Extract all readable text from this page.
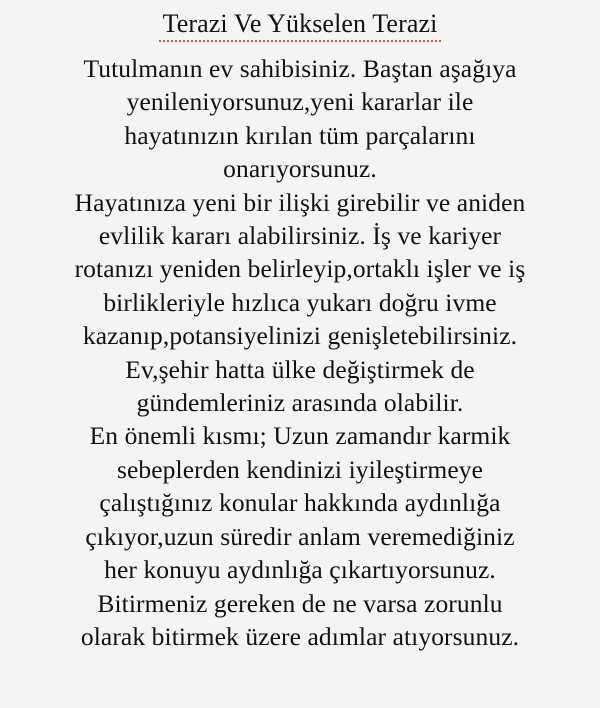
Terazi Ve Yükselen Terazi
Tutulmanın ev sahibisiniz. Baştan aşağıya
yenileniyorsunuz,yeni kararlar ile
hayatınızın kırılan tüm parçalarını
onarıyorsunuz.
Hayatınıza yeni bir ilişki girebilir ve aniden
evlilik kararı alabilirsiniz. İş ve kariyer
rotanızı yeniden belirleyip,ortaklı işler ve iş
birlikleriyle hızlıca yukarı doğru ivme
kazanıp,potansiyelinizi genişletebilirsiniz.
Ev,şehir hatta ülke değiştirmek de
gündemleriniz arasında olabilir.
En önemli kısmı; Uzun zamandır karmik
sebeplerden kendinizi iyileştirmeye
çalıştığınız konular hakkında aydınlığa
çıkıyor,uzun süredir anlam veremediğiniz
her konuyu aydınlığa çıkartıyorsunuz.
Bitirmeniz gereken de ne varsa zorunlu
olarak bitirmek üzere adımlar atıyorsunuz.
